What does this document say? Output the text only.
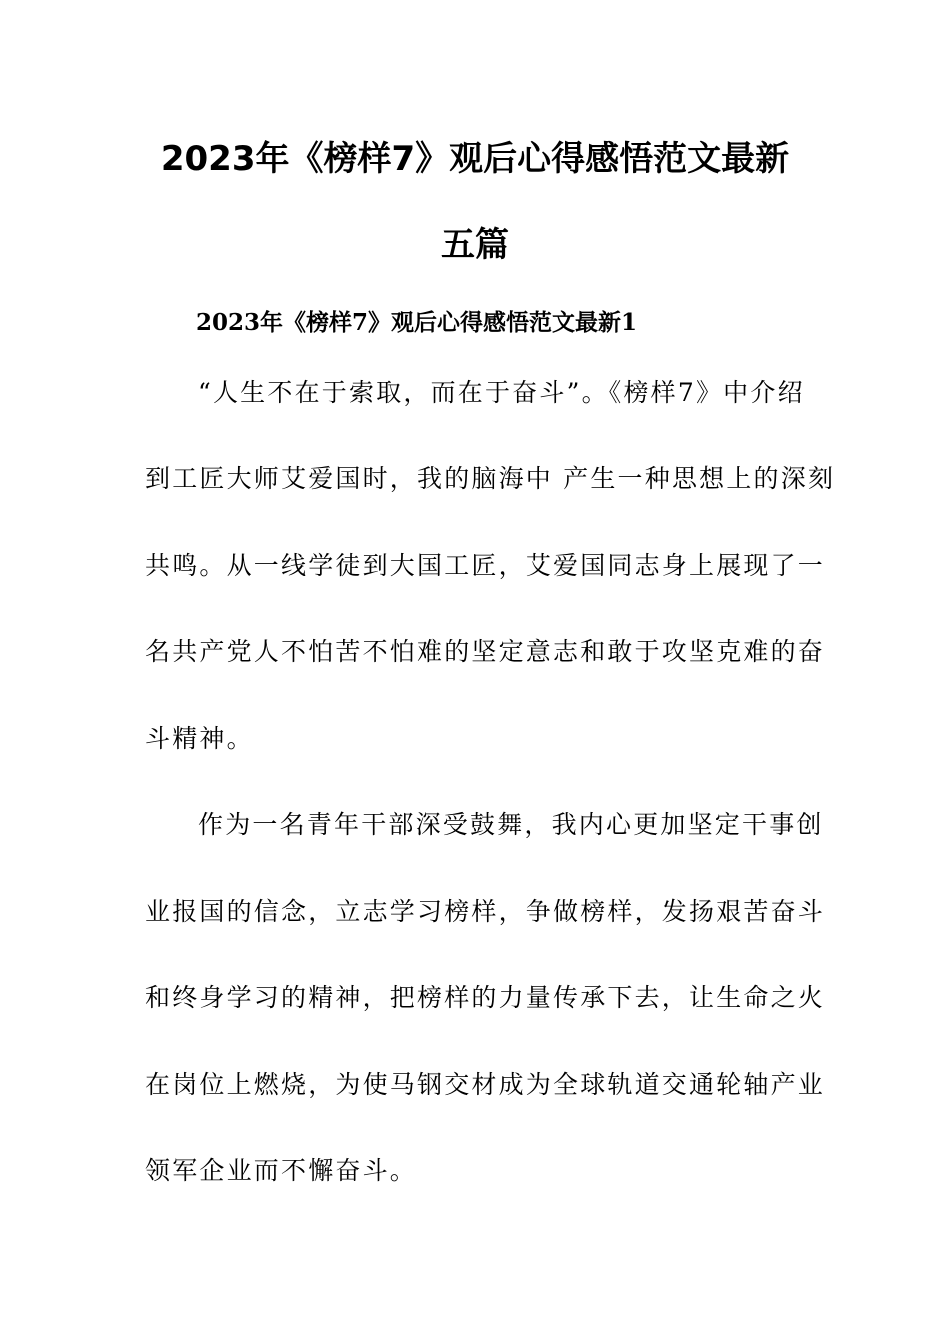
2023年《榜样7》观后心得感悟范文最新
五篇
2023年《榜样7》观后心得感悟范文最新1

“人生不在于索取，而在于奋斗”。《榜样7》中介绍

到工匠大师艾爱国时，我的脑海中 产生一种思想上的深刻

共鸣。从一线学徒到大国工匠，艾爱国同志身上展现了一

名共产党人不怕苦不怕难的坚定意志和敢于攻坚克难的奋

斗精神。

作为一名青年干部深受鼓舞，我内心更加坚定干事创

业报国的信念，立志学习榜样，争做榜样，发扬艰苦奋斗

和终身学习的精神，把榜样的力量传承下去，让生命之火

在岗位上燃烧，为使马钢交材成为全球轨道交通轮轴产业

领军企业而不懈奋斗。
